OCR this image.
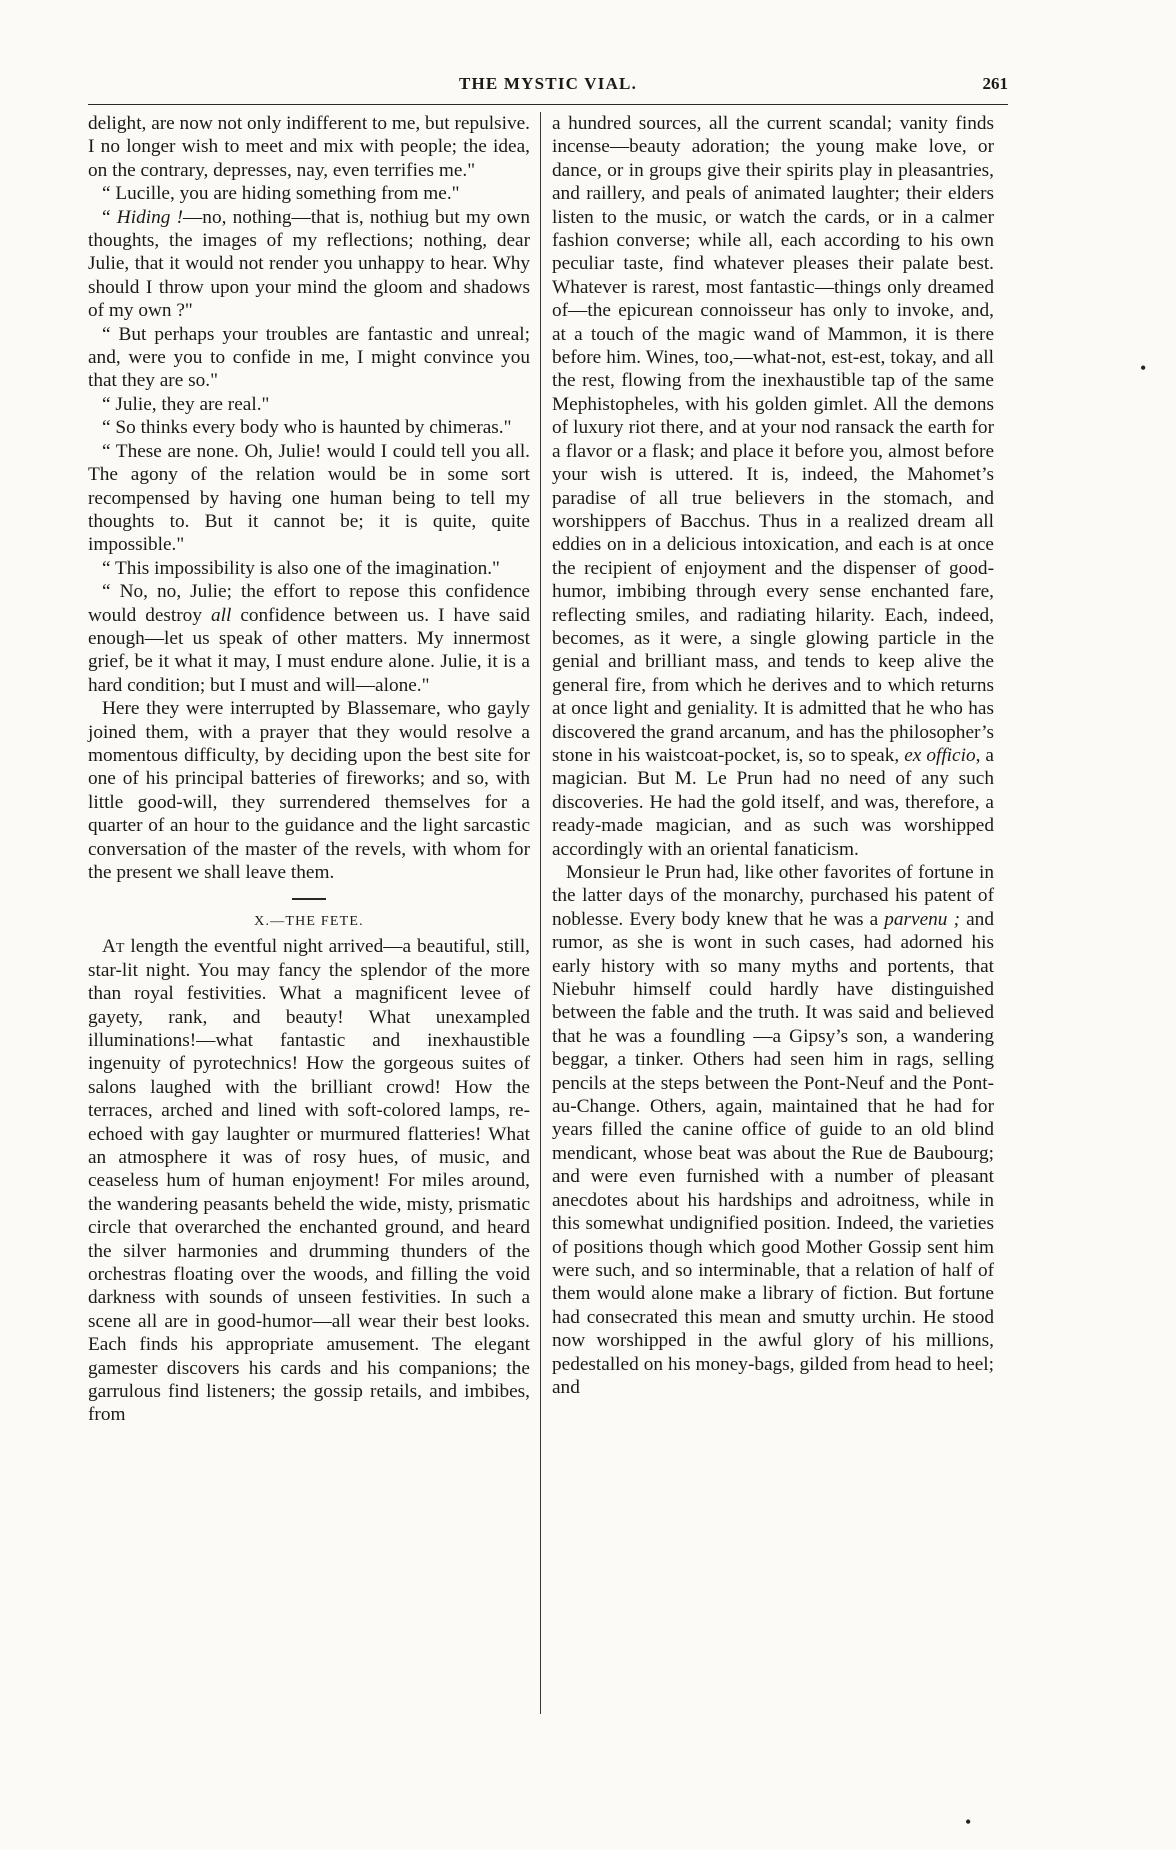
THE MYSTIC VIAL.	261

delight, are now not only indifferent to me, but repulsive. I no longer wish to meet and mix with people; the idea, on the contrary, depresses, nay, even terrifies me."

“ Lucille, you are hiding something from me."

“ Hiding !—no, nothing—that is, nothiug but my own thoughts, the images of my reflections; nothing, dear Julie, that it would not render you unhappy to hear. Why should I throw upon your mind the gloom and shadows of my own ?"

“ But perhaps your troubles are fantastic and unreal; and, were you to confide in me, I might convince you that they are so."

“ Julie, they are real."

“ So thinks every body who is haunted by chimeras."

“ These are none. Oh, Julie! would I could tell you all. The agony of the relation would be in some sort recompensed by having one human being to tell my thoughts to. But it cannot be; it is quite, quite impossible."

“ This impossibility is also one of the imagination."

“ No, no, Julie; the effort to repose this confidence would destroy all confidence between us. I have said enough—let us speak of other matters. My innermost grief, be it what it may, I must endure alone. Julie, it is a hard condition; but I must and will—alone."

Here they were interrupted by Blassemare, who gayly joined them, with a prayer that they would resolve a momentous difficulty, by deciding upon the best site for one of his principal batteries of fireworks; and so, with little good-will, they surrendered themselves for a quarter of an hour to the guidance and the light sarcastic conversation of the master of the revels, with whom for the present we shall leave them.

X.—THE FETE.

At length the eventful night arrived—a beautiful, still, star-lit night. You may fancy the splendor of the more than royal festivities. What a magnificent levee of gayety, rank, and beauty! What unexampled illuminations!—what fantastic and inexhaustible ingenuity of pyrotechnics! How the gorgeous suites of salons laughed with the brilliant crowd! How the terraces, arched and lined with soft-colored lamps, re-echoed with gay laughter or murmured flatteries! What an atmosphere it was of rosy hues, of music, and ceaseless hum of human enjoyment! For miles around, the wandering peasants beheld the wide, misty, prismatic circle that overarched the enchanted ground, and heard the silver harmonies and drumming thunders of the orchestras floating over the woods, and filling the void darkness with sounds of unseen festivities. In such a scene all are in good-humor—all wear their best looks. Each finds his appropriate amusement. The elegant gamester discovers his cards and his companions; the garrulous find listeners; the gossip retails, and imbibes, from

a hundred sources, all the current scandal; vanity finds incense—beauty adoration; the young make love, or dance, or in groups give their spirits play in pleasantries, and raillery, and peals of animated laughter; their elders listen to the music, or watch the cards, or in a calmer fashion converse; while all, each according to his own peculiar taste, find whatever pleases their palate best. Whatever is rarest, most fantastic—things only dreamed of—the epicurean connoisseur has only to invoke, and, at a touch of the magic wand of Mammon, it is there before him. Wines, too,—what-not, est-est, tokay, and all the rest, flowing from the inexhaustible tap of the same Mephistopheles, with his golden gimlet. All the demons of luxury riot there, and at your nod ransack the earth for a flavor or a flask; and place it before you, almost before your wish is uttered. It is, indeed, the Mahomet’s paradise of all true believers in the stomach, and worshippers of Bacchus. Thus in a realized dream all eddies on in a delicious intoxication, and each is at once the recipient of enjoyment and the dispenser of good-humor, imbibing through every sense enchanted fare, reflecting smiles, and radiating hilarity. Each, indeed, becomes, as it were, a single glowing particle in the genial and brilliant mass, and tends to keep alive the general fire, from which he derives and to which returns at once light and geniality. It is admitted that he who has discovered the grand arcanum, and has the philosopher’s stone in his waistcoat-pocket, is, so to speak, ex officio, a magician. But M. Le Prun had no need of any such discoveries. He had the gold itself, and was, therefore, a ready-made magician, and as such was worshipped accordingly with an oriental fanaticism.

Monsieur le Prun had, like other favorites of fortune in the latter days of the monarchy, purchased his patent of noblesse. Every body knew that he was a parvenu ; and rumor, as she is wont in such cases, had adorned his early history with so many myths and portents, that Niebuhr himself could hardly have distinguished between the fable and the truth. It was said and believed that he was a foundling —a Gipsy’s son, a wandering beggar, a tinker. Others had seen him in rags, selling pencils at the steps between the Pont-Neuf and the Pont-au-Change. Others, again, maintained that he had for years filled the canine office of guide to an old blind mendicant, whose beat was about the Rue de Baubourg; and were even furnished with a number of pleasant anecdotes about his hardships and adroitness, while in this somewhat undignified position. Indeed, the varieties of positions though which good Mother Gossip sent him were such, and so interminable, that a relation of half of them would alone make a library of fiction. But fortune had consecrated this mean and smutty urchin. He stood now worshipped in the awful glory of his millions, pedestalled on his money-bags, gilded from head to heel; and

•
•
